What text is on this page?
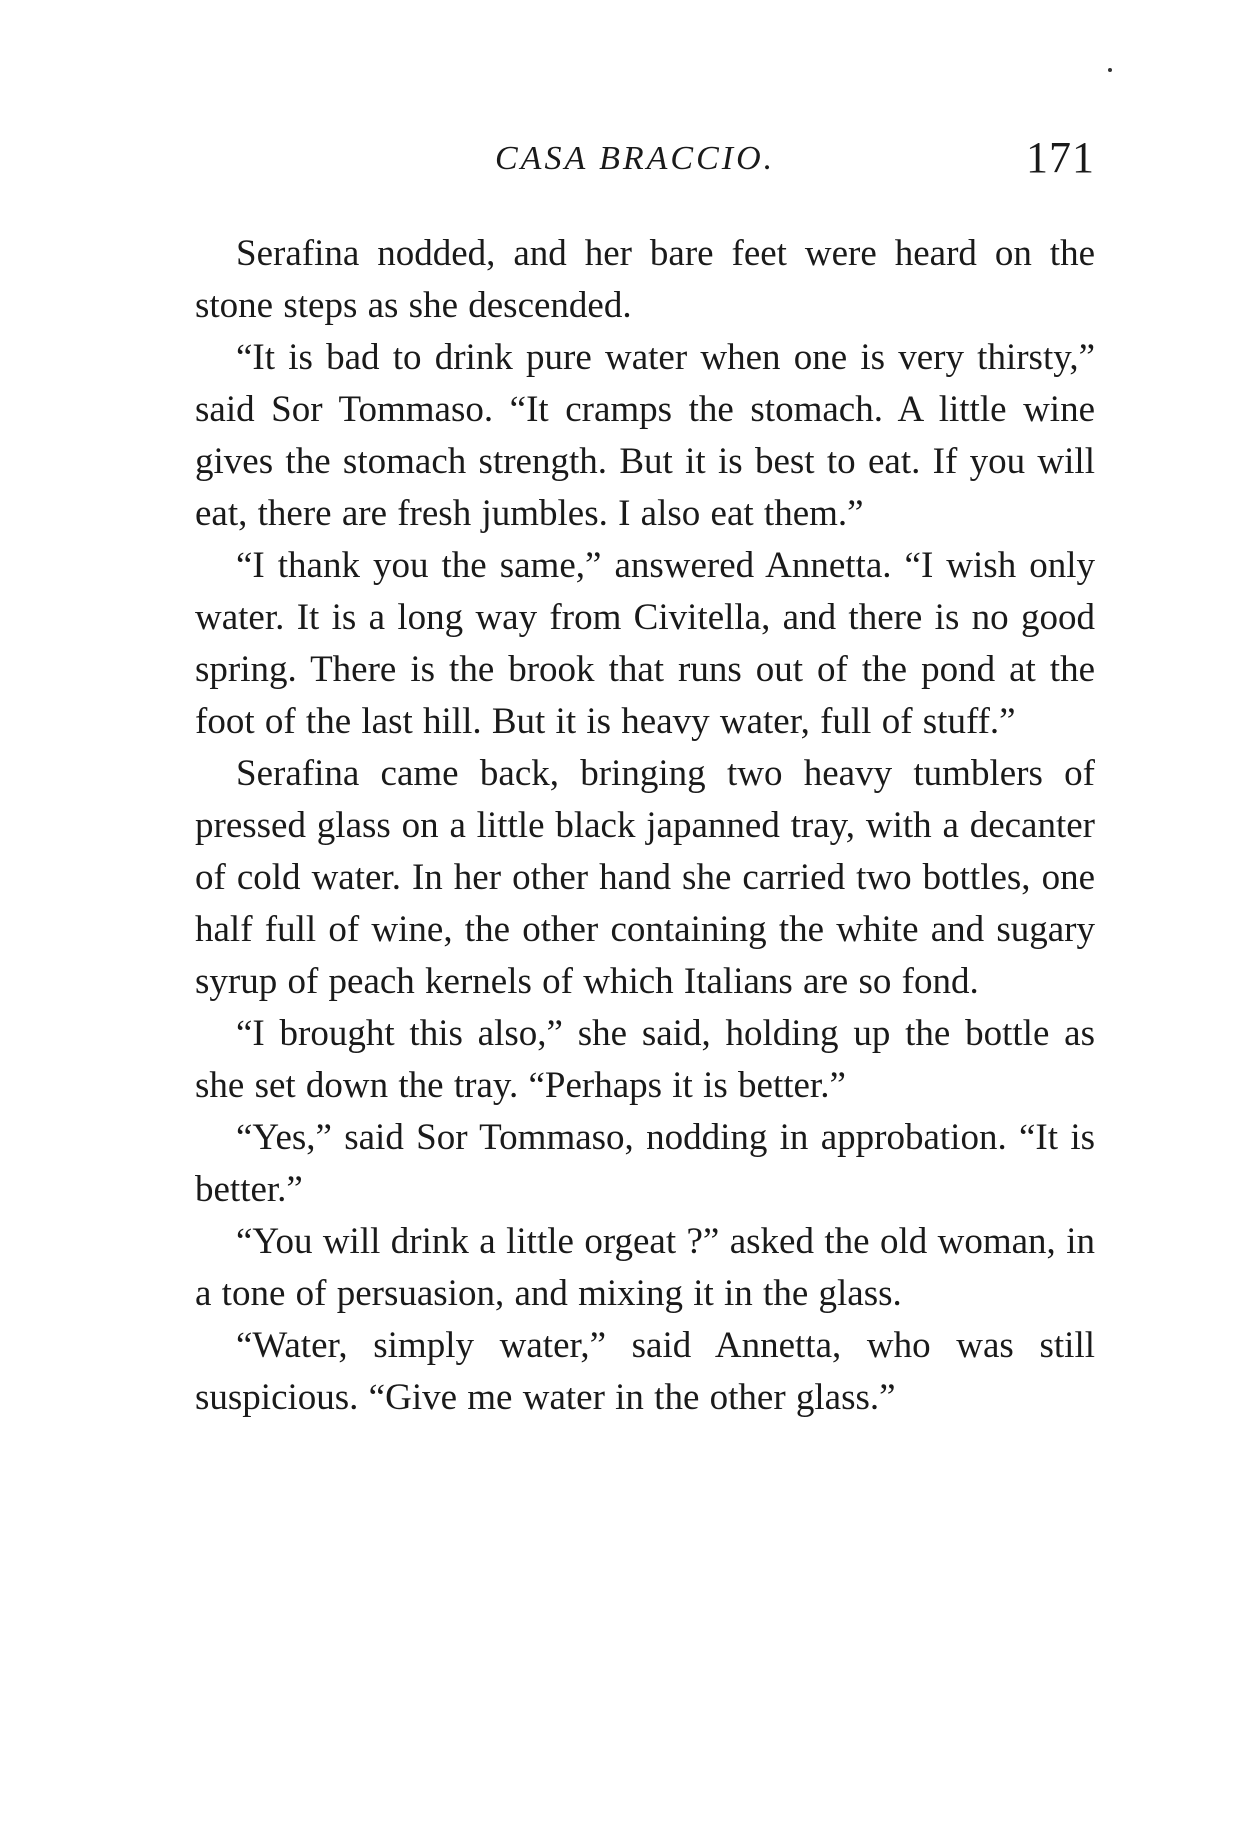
CASA BRACCIO.	171

Serafina nodded, and her bare feet were heard on the stone steps as she descended.

“It is bad to drink pure water when one is very thirsty,” said Sor Tommaso. “It cramps the stomach. A little wine gives the stomach strength. But it is best to eat. If you will eat, there are fresh jumbles. I also eat them.”

“I thank you the same,” answered Annetta. “I wish only water. It is a long way from Civitella, and there is no good spring. There is the brook that runs out of the pond at the foot of the last hill. But it is heavy water, full of stuff.”

Serafina came back, bringing two heavy tumblers of pressed glass on a little black japanned tray, with a decanter of cold water. In her other hand she carried two bottles, one half full of wine, the other containing the white and sugary syrup of peach kernels of which Italians are so fond.

“I brought this also,” she said, holding up the bottle as she set down the tray. “Perhaps it is better.”

“Yes,” said Sor Tommaso, nodding in approbation. “It is better.”

“You will drink a little orgeat ?” asked the old woman, in a tone of persuasion, and mixing it in the glass.

“Water, simply water,” said Annetta, who was still suspicious. “Give me water in the other glass.”
